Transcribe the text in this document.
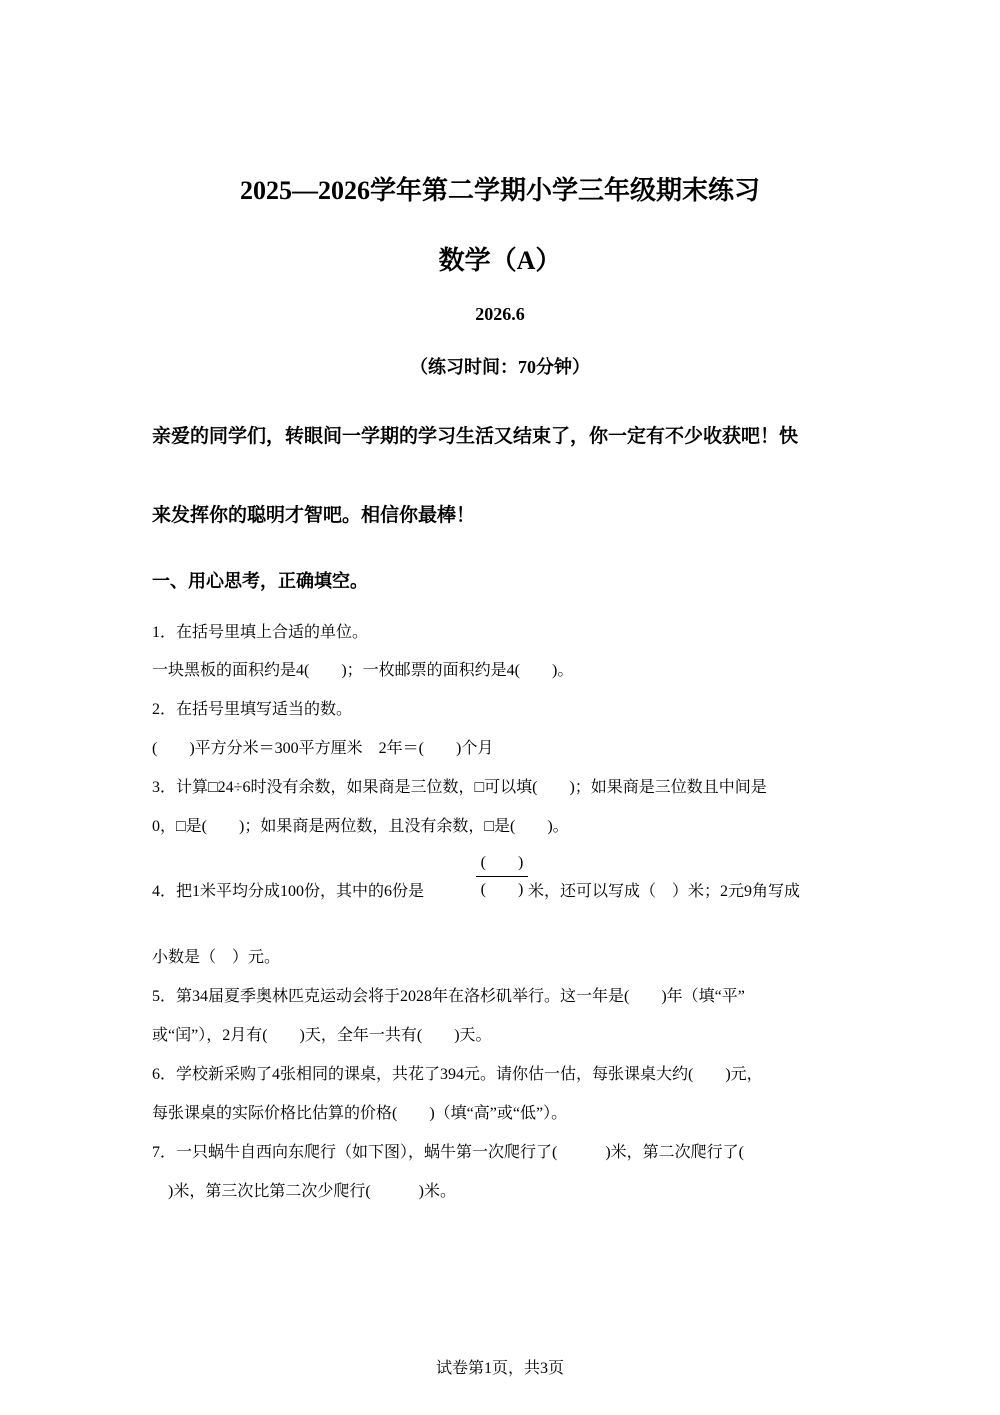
2025—2026学年第二学期小学三年级期末练习
数学（A）
2026.6
（练习时间：70分钟）
亲爱的同学们，转眼间一学期的学习生活又结束了，你一定有不少收获吧！快
来发挥你的聪明才智吧。相信你最棒！
一、用心思考，正确填空。
1．在括号里填上合适的单位。
一块黑板的面积约是4(　　)；一枚邮票的面积约是4(　　)。
2．在括号里填写适当的数。
(　　)平方分米＝300平方厘米　2年＝(　　)个月
3．计算□24÷6时没有余数，如果商是三位数，□可以填(　　)；如果商是三位数且中间是
0，□是(　　)；如果商是两位数，且没有余数，□是(　　)。
4．把1米平均分成100份，其中的6份是
(　　)
(　　) 米，还可以写成（　）米；2元9角写成
小数是（　）元。
5．第34届夏季奥林匹克运动会将于2028年在洛杉矶举行。这一年是(　　)年（填“平”
或“闰”），2月有(　　)天，全年一共有(　　)天。
6．学校新采购了4张相同的课桌，共花了394元。请你估一估，每张课桌大约(　　)元，
每张课桌的实际价格比估算的价格(　　)（填“高”或“低”）。
7．一只蜗牛自西向东爬行（如下图），蜗牛第一次爬行了(　　　)米，第二次爬行了(
　)米，第三次比第二次少爬行(　　　)米。
试卷第1页，共3页
